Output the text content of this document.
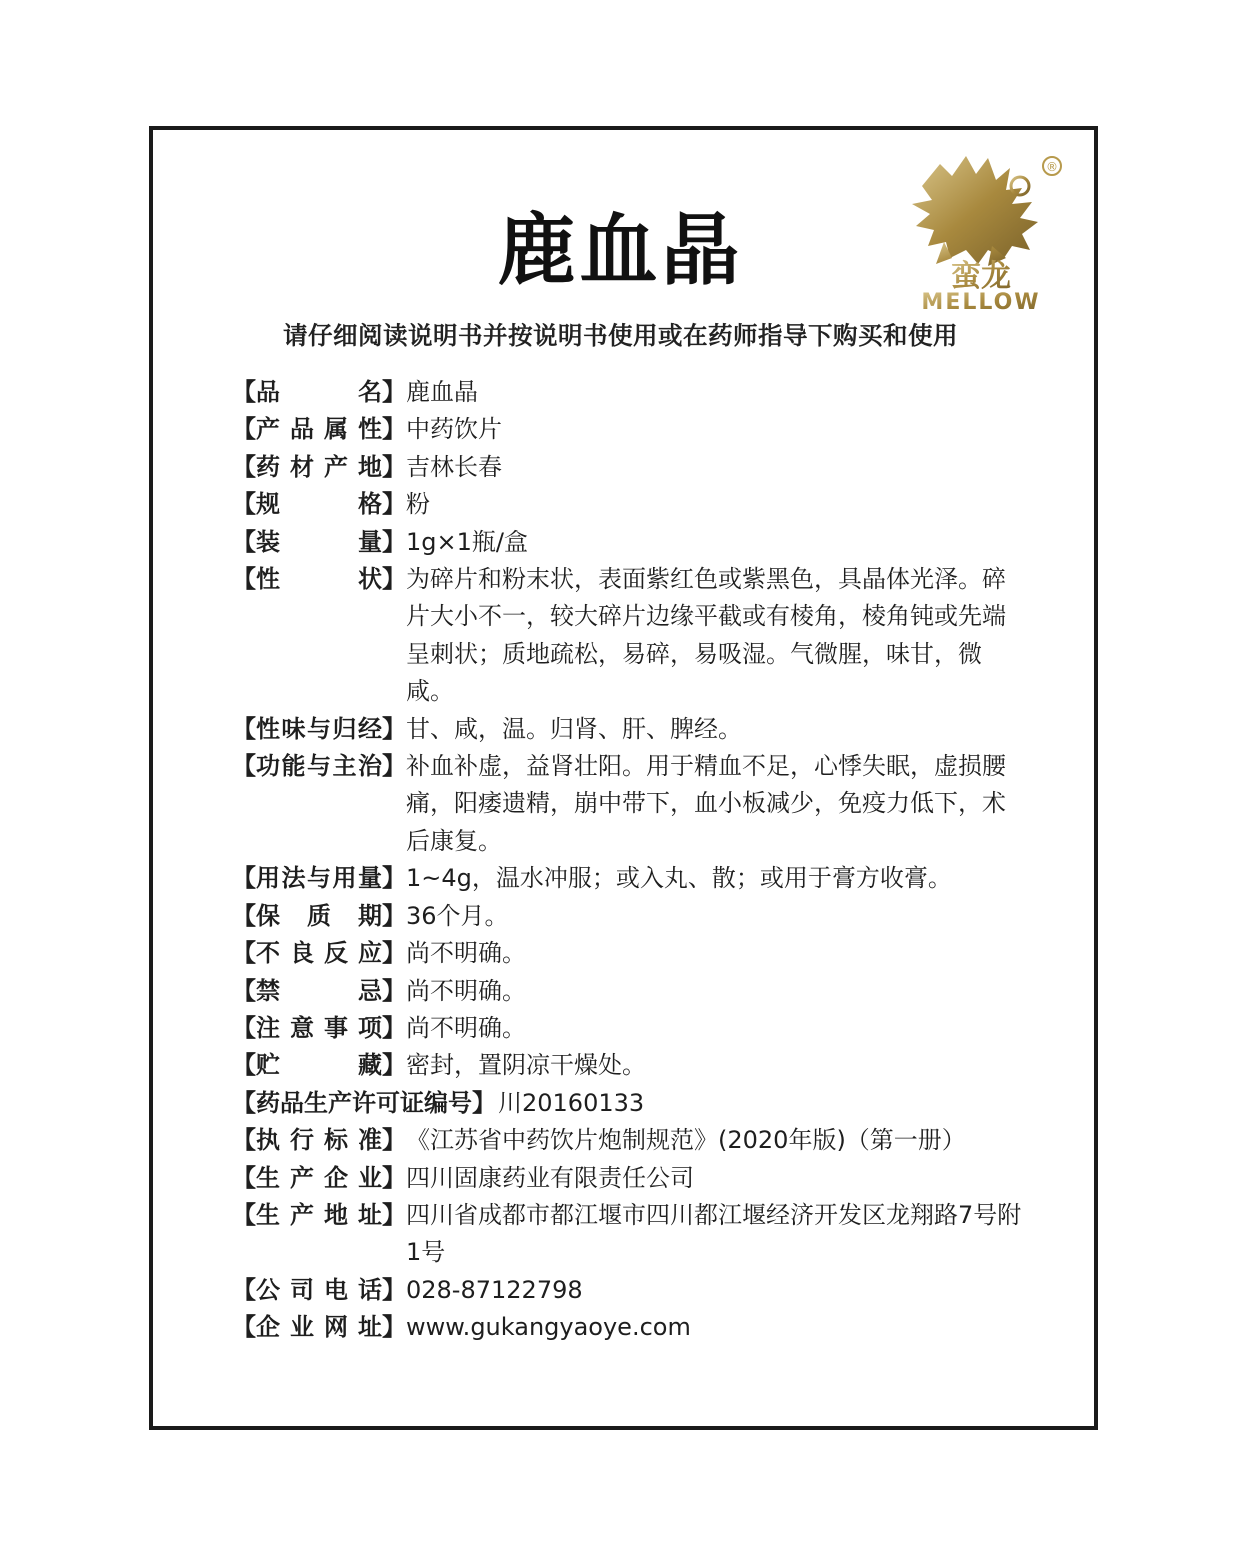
鹿血晶
®
蛮龙
MELLOW
请仔细阅读说明书并按说明书使用或在药师指导下购买和使用
【 品	名 】 鹿血晶
【 产 品 属 性 】 中药饮片
【 药 材 产 地 】 吉林长春
【 规	格 】 粉
【 装	量 】 1g×1瓶/盒
【 性	状 】 为碎片和粉末状，表面紫红色或紫黑色，具晶体光泽。碎片大小不一，较大碎片边缘平截或有棱角，棱角钝或先端呈刺状；质地疏松，易碎，易吸湿。气微腥，味甘，微咸。
【 性 味 与 归 经 】 甘、咸，温。归肾、肝、脾经。
【 功 能 与 主 治 】 补血补虚，益肾壮阳。用于精血不足，心悸失眠，虚损腰痛，阳痿遗精，崩中带下，血小板减少，免疫力低下，术后康复。
【 用 法 与 用 量 】 1~4g，温水冲服；或入丸、散；或用于膏方收膏。
【 保 质 期 】 36个月。
【 不 良 反 应 】 尚不明确。
【 禁	忌 】 尚不明确。
【 注 意 事 项 】 尚不明确。
【 贮	藏 】 密封，置阴凉干燥处。
【 药品生产许可证编号 】 川20160133
【 执 行 标 准 】 《江苏省中药饮片炮制规范》(2020年版)（第一册）
【 生 产 企 业 】 四川固康药业有限责任公司
【 生 产 地 址 】 四川省成都市都江堰市四川都江堰经济开发区龙翔路7号附1号
【 公 司 电 话 】 028-87122798
【 企 业 网 址 】 www.gukangyaoye.com
